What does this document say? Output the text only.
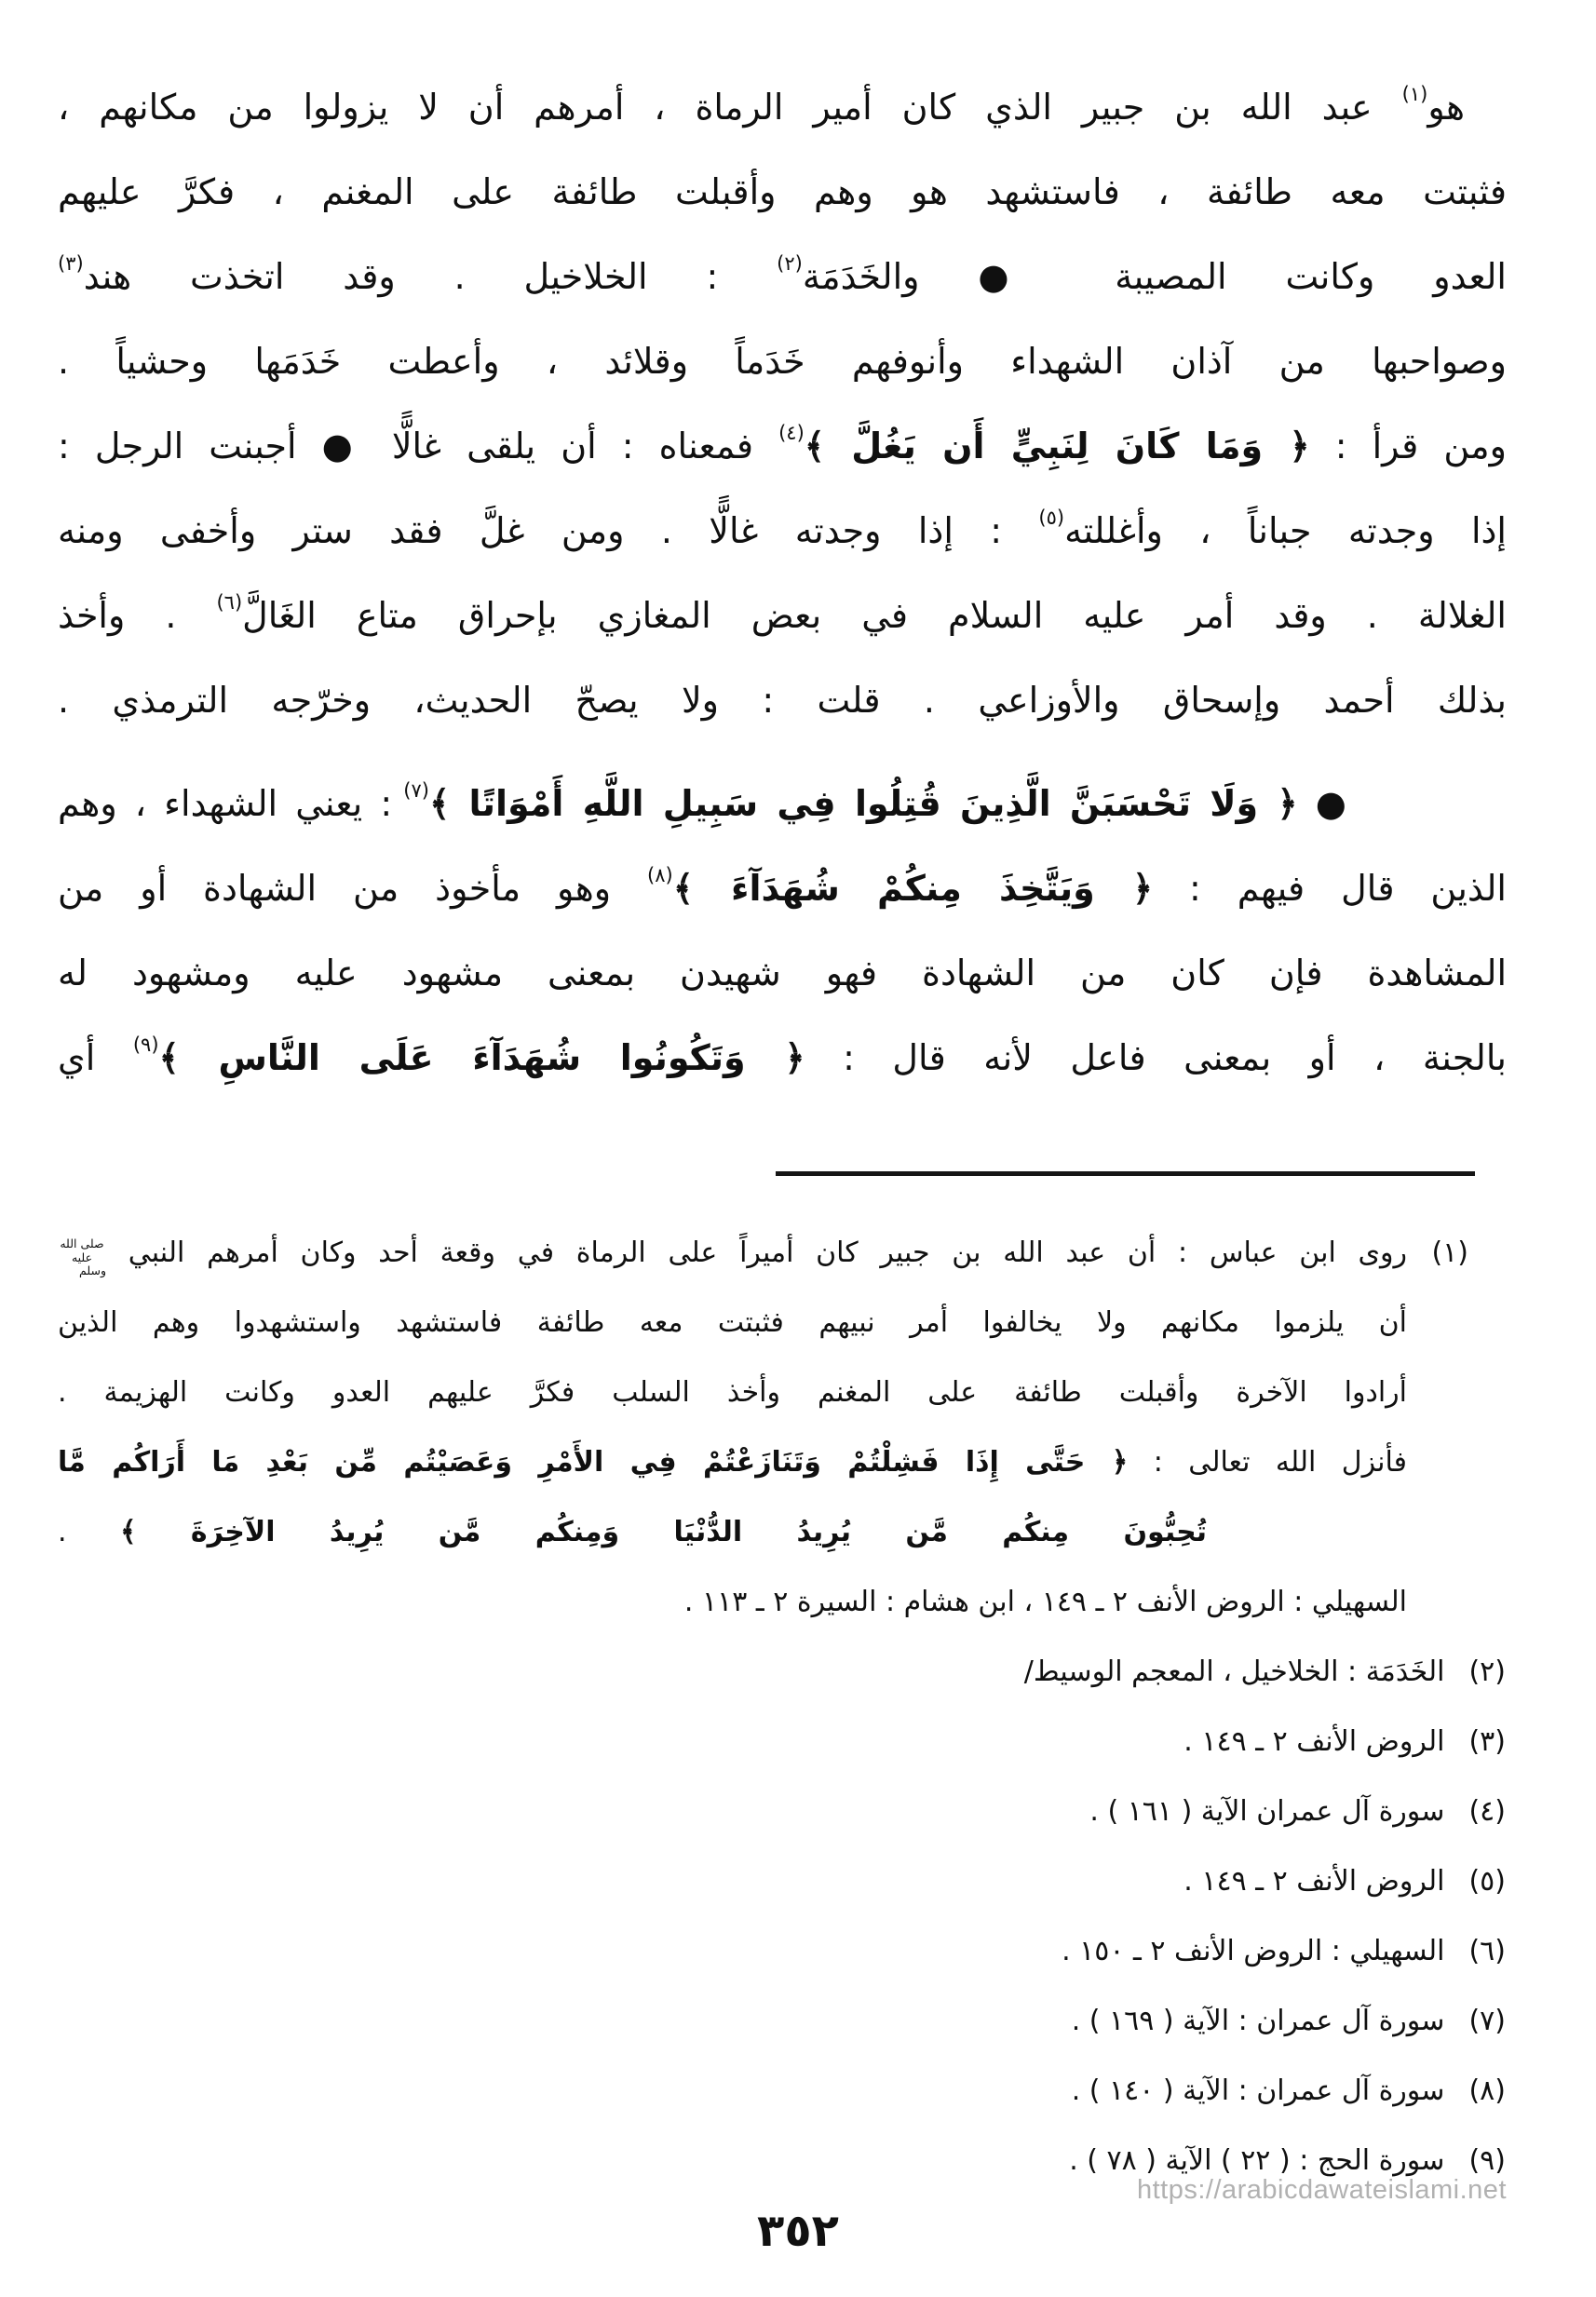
هو$^{(١)}$ عبد الله بن جبير الذي كان أمير الرماة ، أمرهم أن لا يزولوا من مكانهم ،
فثبتت معه طائفة ، فاستشهد هو وهم وأقبلت طائفة على المغنم ، فكرَّ عليهم
العدو وكانت المصيبة ● والخَدَمَة$^{(٢)}$ : الخلاخيل . وقد اتخذت هند$^{(٣)}$
وصواحبها من آذان الشهداء وأنوفهم خَدَماً وقلائد ، وأعطت خَدَمَها وحشياً .
ومن قرأ : ﴿ وَمَا كَانَ لِنَبِيٍّ أَن يَغُلَّ ﴾$^{(٤)}$ فمعناه : أن يلقى غالًّا ● أجبنت الرجل :
إذا وجدته جباناً ، وأغللته$^{(٥)}$ : إذا وجدته غالًّا . ومن غلَّ فقد ستر وأخفى ومنه
الغلالة . وقد أمر عليه السلام في بعض المغازي بإحراق متاع الغَالَّ$^{(٦)}$ . وأخذ
بذلك أحمد وإسحاق والأوزاعي . قلت : ولا يصحّ الحديث، وخرّجه الترمذي .
● ﴿ وَلَا تَحْسَبَنَّ الَّذِينَ قُتِلُوا فِي سَبِيلِ اللَّهِ أَمْوَاتًا ﴾$^{(٧)}$ : يعني الشهداء ، وهم
الذين قال فيهم : ﴿ وَيَتَّخِذَ مِنكُمْ شُهَدَآءَ ﴾$^{(٨)}$ وهو مأخوذ من الشهادة أو من
المشاهدة فإن كان من الشهادة فهو شهيدن بمعنى مشهود عليه ومشهود له
بالجنة ، أو بمعنى فاعل لأنه قال : ﴿ وَتَكُونُوا شُهَدَآءَ عَلَى النَّاسِ ﴾$^{(٩)}$ أي
(١)
روى ابن عباس : أن عبد الله بن جبير كان أميراً على الرماة في وقعة أحد وكان أمرهم النبي صلى الله عليه وسلم
أن يلزموا مكانهم ولا يخالفوا أمر نبيهم فثبتت معه طائفة فاستشهد واستشهدوا وهم الذين
أرادوا الآخرة وأقبلت طائفة على المغنم وأخذ السلب فكرَّ عليهم العدو وكانت الهزيمة .
فأنزل الله تعالى : ﴿ حَتَّى إِذَا فَشِلْتُمْ وَتَنَازَعْتُمْ فِي الأَمْرِ وَعَصَيْتُم مِّن بَعْدِ مَا أَرَاكُم مَّا
تُحِبُّونَ مِنكُم مَّن يُرِيدُ الدُّنْيَا وَمِنكُم مَّن يُرِيدُ الآخِرَةَ ﴾ .
السهيلي : الروض الأنف ٢ ـ ١٤٩ ، ابن هشام : السيرة ٢ ـ ١١٣ .
(٢)الخَدَمَة : الخلاخيل ، المعجم الوسيط/
(٣)الروض الأنف ٢ ـ ١٤٩ .
(٤)سورة آل عمران الآية ( ١٦١ ) .
(٥)الروض الأنف ٢ ـ ١٤٩ .
(٦)السهيلي : الروض الأنف ٢ ـ ١٥٠ .
(٧)سورة آل عمران : الآية ( ١٦٩ ) .
(٨)سورة آل عمران : الآية ( ١٤٠ ) .
(٩)سورة الحج : ( ٢٢ ) الآية ( ٧٨ ) .
https://arabicdawateislami.net
٣٥٢
